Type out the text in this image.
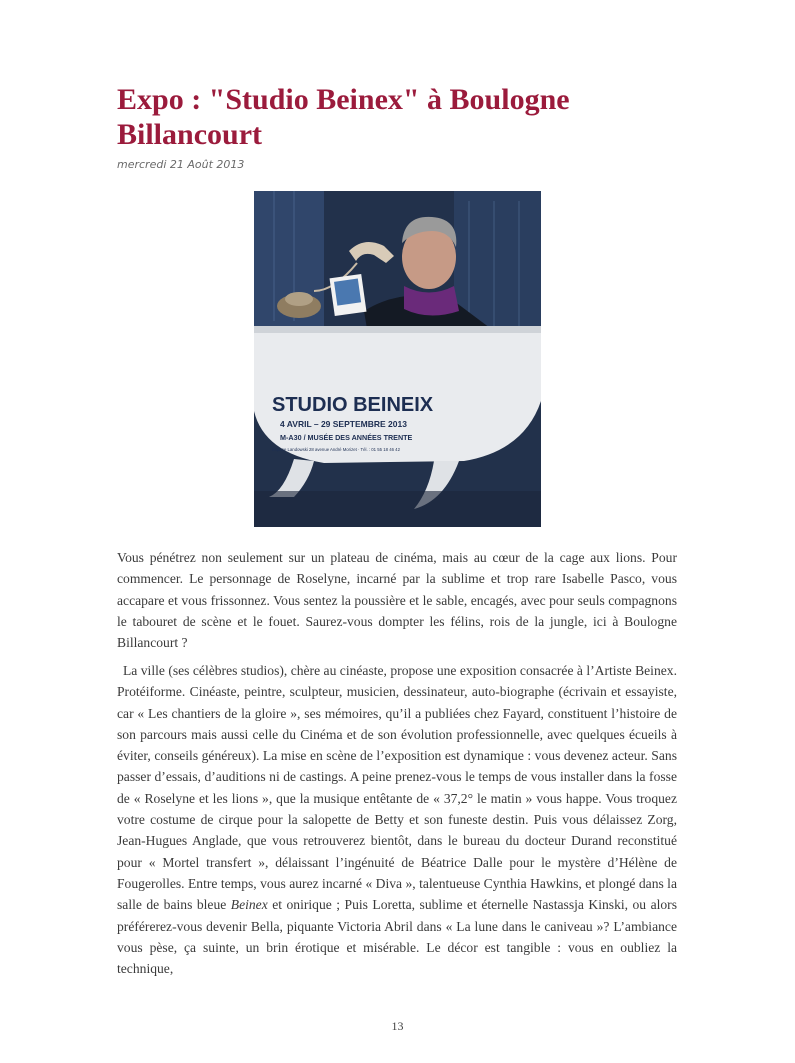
Expo : "Studio Beinex" à Boulogne Billancourt

mercredi 21 Août 2013

STUDIO BEINEIX
4 AVRIL – 29 SEPTEMBRE 2013
M-A30 / MUSÉE DES ANNÉES TRENTE
Espace Landowski 28 avenue André Morizet · Tél. : 01 55 18 46 42

Vous pénétrez non seulement sur un plateau de cinéma, mais au cœur de la cage aux lions. Pour commencer. Le personnage de Roselyne, incarné par la sublime et trop rare Isabelle Pasco, vous accapare et vous frissonnez. Vous sentez la poussière et le sable, encagés, avec pour seuls compagnons le tabouret de scène et le fouet. Saurez-vous dompter les félins, rois de la jungle, ici à Boulogne Billancourt ?

La ville (ses célèbres studios), chère au cinéaste, propose une exposition consacrée à l’Artiste Beinex. Protéiforme. Cinéaste, peintre, sculpteur, musicien, dessinateur, auto-biographe (écrivain et essayiste, car « Les chantiers de la gloire », ses mémoires, qu’il a publiées chez Fayard, constituent l’histoire de son parcours mais aussi celle du Cinéma et de son évolution professionnelle, avec quelques écueils à éviter, conseils généreux). La mise en scène de l’exposition est dynamique : vous devenez acteur. Sans passer d’essais, d’auditions ni de castings. A peine prenez-vous le temps de vous installer dans la fosse de « Roselyne et les lions », que la musique entêtante de « 37,2° le matin » vous happe. Vous troquez votre costume de cirque pour la salopette de Betty et son funeste destin. Puis vous délaissez Zorg, Jean-Hugues Anglade, que vous retrouverez bientôt, dans le bureau du docteur Durand reconstitué pour « Mortel transfert », délaissant l’ingénuité de Béatrice Dalle pour le mystère d’Hélène de Fougerolles. Entre temps, vous aurez incarné « Diva », talentueuse Cynthia Hawkins, et plongé dans la salle de bains bleue Beinex et onirique ; Puis Loretta, sublime et éternelle Nastassja Kinski, ou alors préférerez-vous devenir Bella, piquante Victoria Abril dans « La lune dans le caniveau »? L’ambiance vous pèse, ça suinte, un brin érotique et misérable. Le décor est tangible : vous en oubliez la technique,

13
